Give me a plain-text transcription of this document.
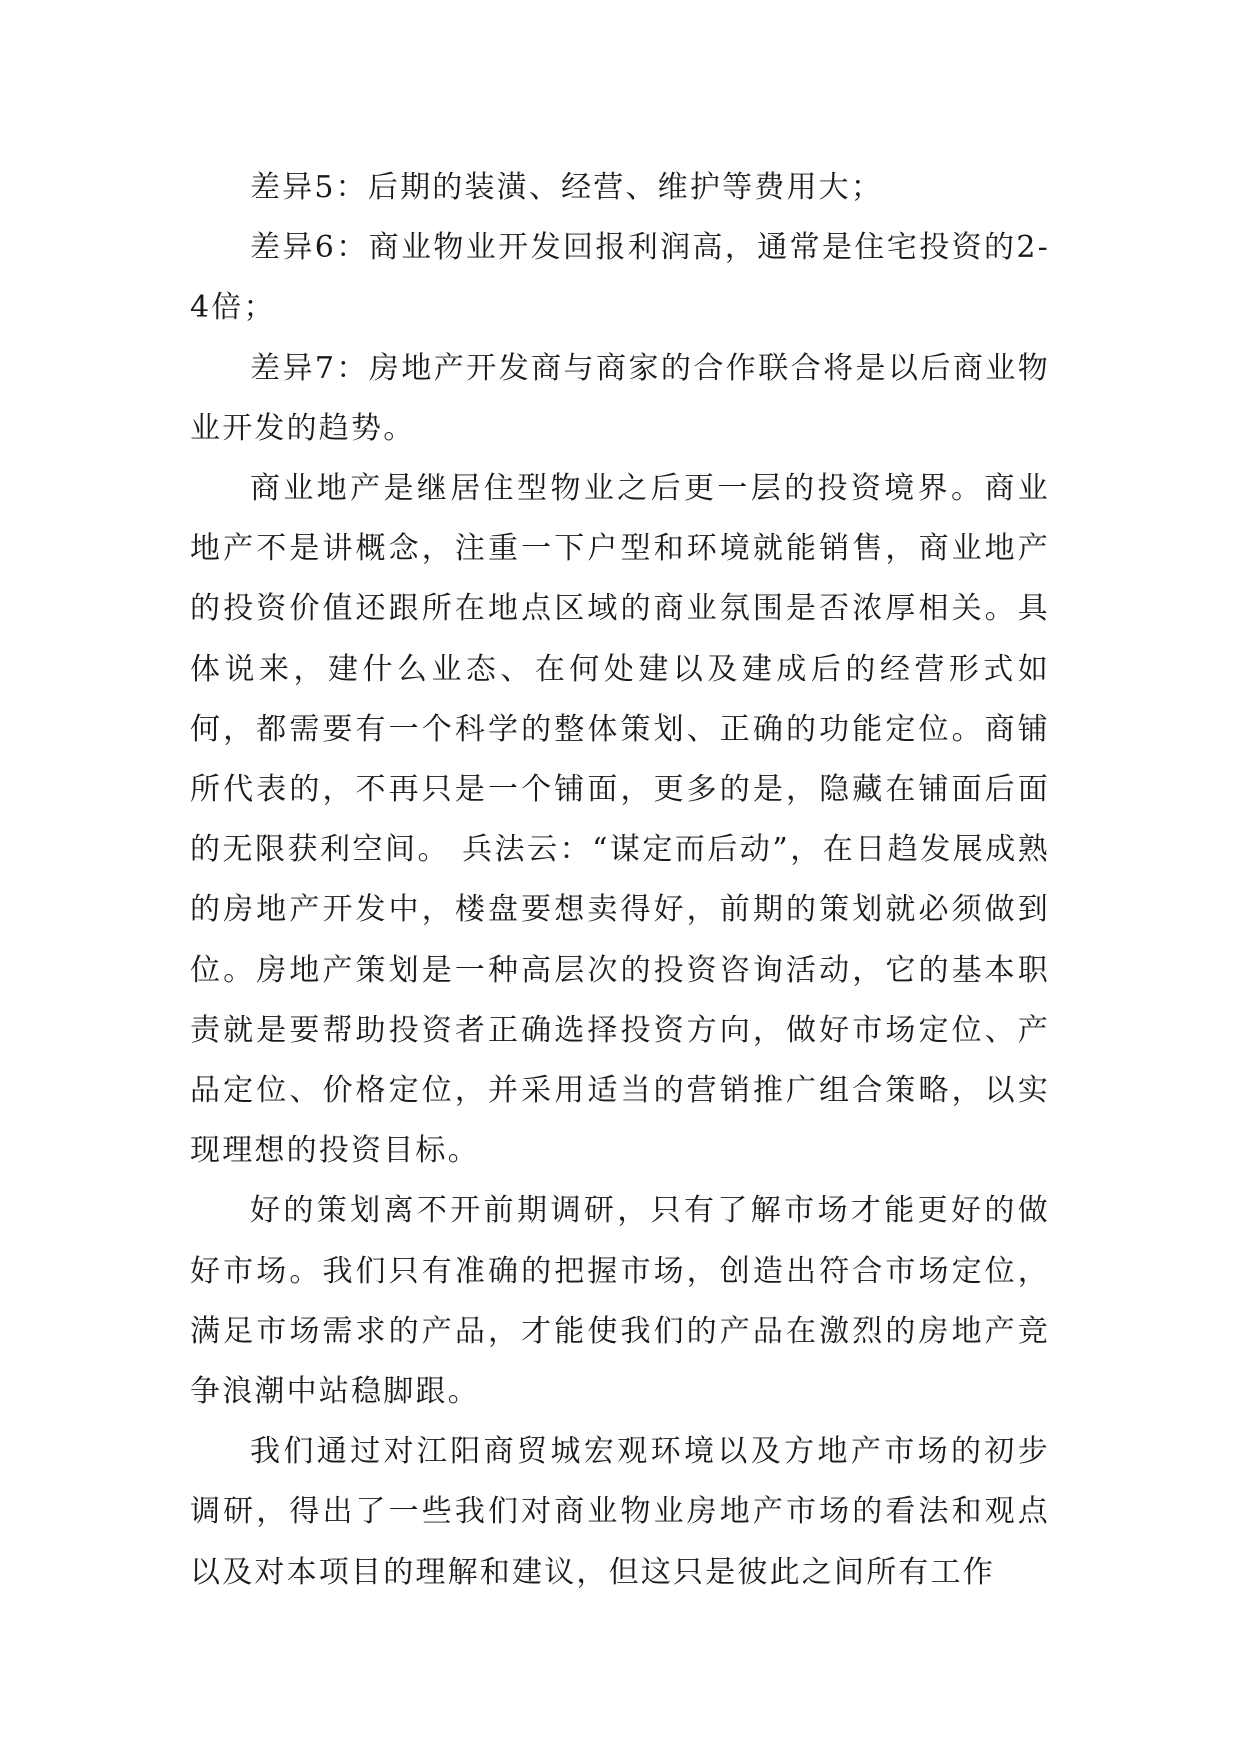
差异5：后期的装潢、经营、维护等费用大；

差异6：商业物业开发回报利润高，通常是住宅投资的2-4倍；

差异7：房地产开发商与商家的合作联合将是以后商业物业开发的趋势。

商业地产是继居住型物业之后更一层的投资境界。商业地产不是讲概念，注重一下户型和环境就能销售，商业地产的投资价值还跟所在地点区域的商业氛围是否浓厚相关。具体说来，建什么业态、在何处建以及建成后的经营形式如何，都需要有一个科学的整体策划、正确的功能定位。商铺所代表的，不再只是一个铺面，更多的是，隐藏在铺面后面的无限获利空间。 兵法云：“谋定而后动”，在日趋发展成熟的房地产开发中，楼盘要想卖得好，前期的策划就必须做到位。房地产策划是一种高层次的投资咨询活动，它的基本职责就是要帮助投资者正确选择投资方向，做好市场定位、产品定位、价格定位，并采用适当的营销推广组合策略，以实现理想的投资目标。

好的策划离不开前期调研，只有了解市场才能更好的做好市场。我们只有准确的把握市场，创造出符合市场定位，满足市场需求的产品，才能使我们的产品在激烈的房地产竞争浪潮中站稳脚跟。

我们通过对江阳商贸城宏观环境以及方地产市场的初步调研，得出了一些我们对商业物业房地产市场的看法和观点以及对本项目的理解和建议，但这只是彼此之间所有工作
